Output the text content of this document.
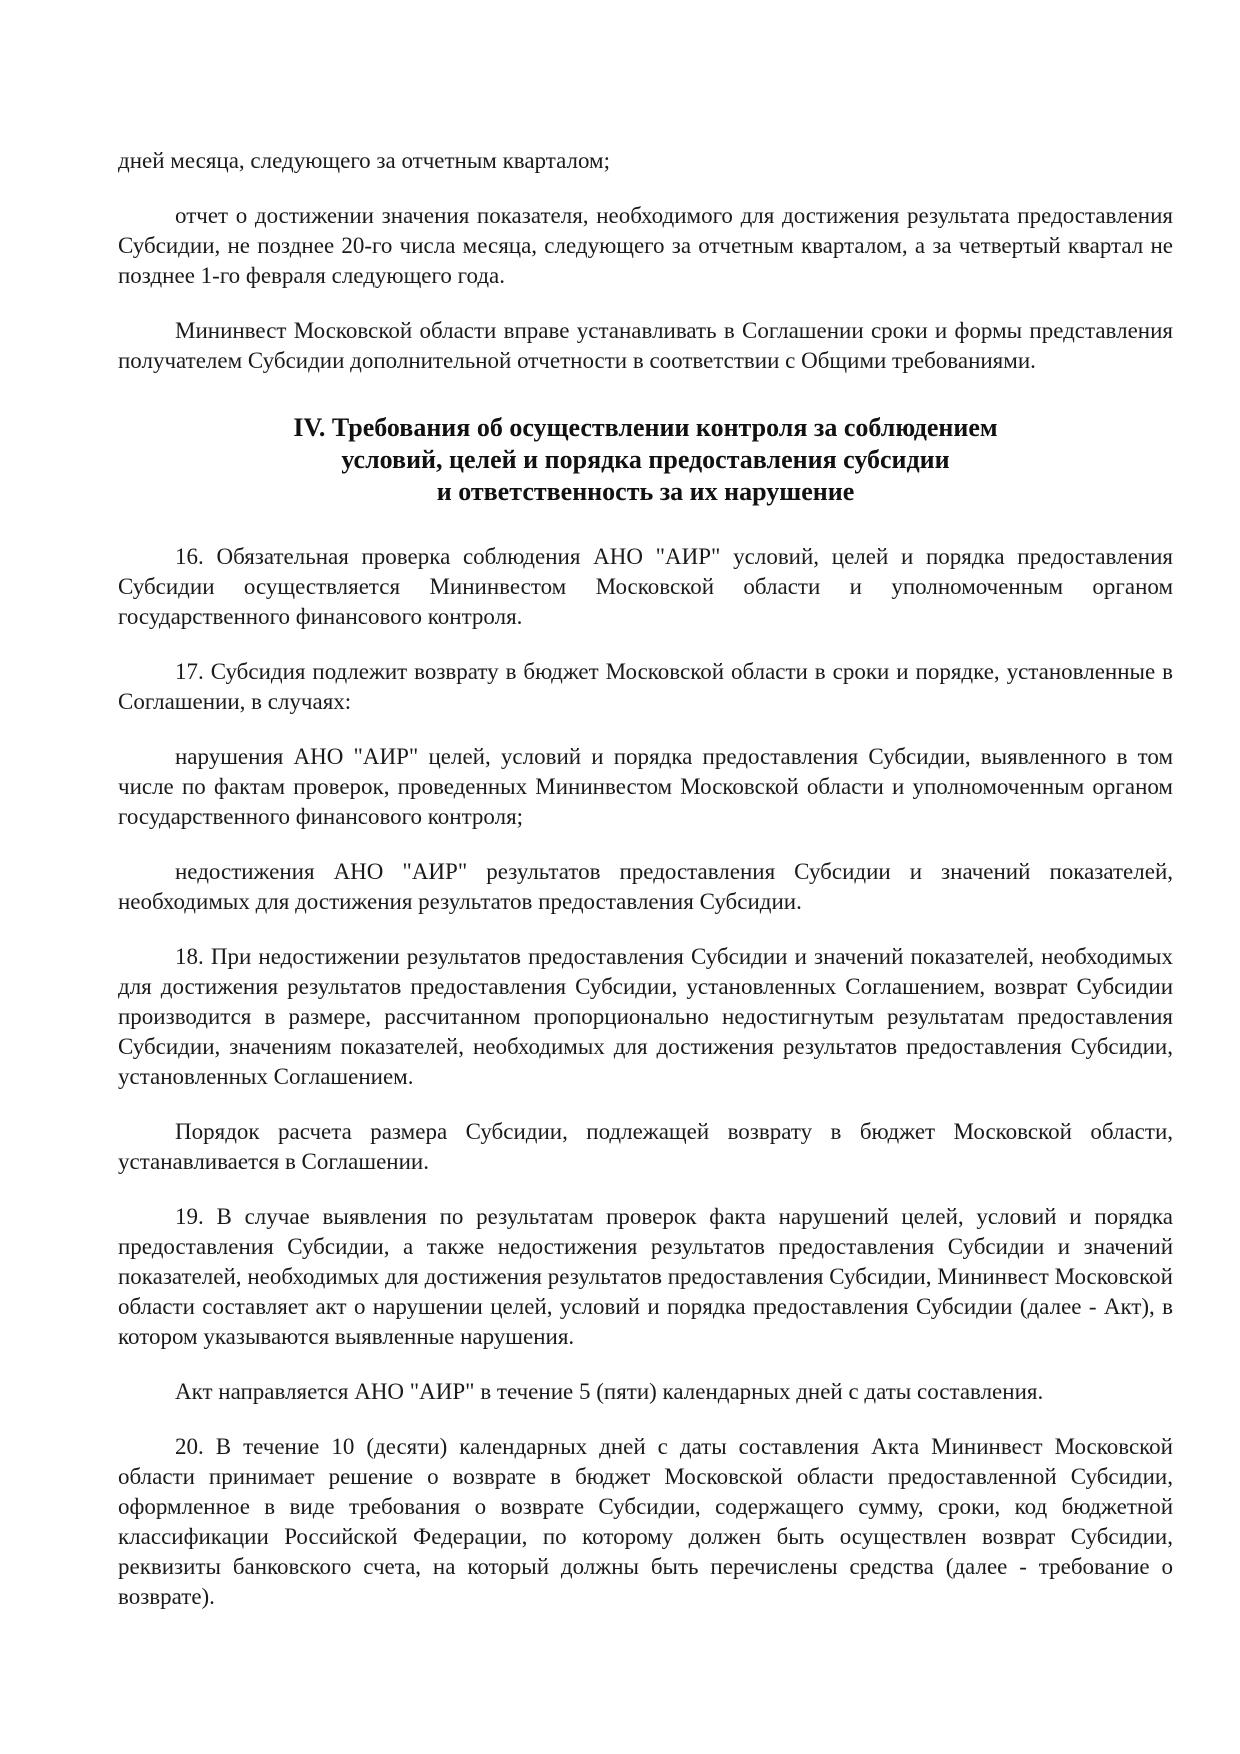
дней месяца, следующего за отчетным кварталом;

отчет о достижении значения показателя, необходимого для достижения результата предоставления Субсидии, не позднее 20-го числа месяца, следующего за отчетным кварталом, а за четвертый квартал не позднее 1-го февраля следующего года.

Мининвест Московской области вправе устанавливать в Соглашении сроки и формы представления получателем Субсидии дополнительной отчетности в соответствии с Общими требованиями.

IV. Требования об осуществлении контроля за соблюдением
условий, целей и порядка предоставления субсидии
и ответственность за их нарушение

16. Обязательная проверка соблюдения АНО "АИР" условий, целей и порядка предоставления Субсидии осуществляется Мининвестом Московской области и уполномоченным органом государственного финансового контроля.

17. Субсидия подлежит возврату в бюджет Московской области в сроки и порядке, установленные в Соглашении, в случаях:

нарушения АНО "АИР" целей, условий и порядка предоставления Субсидии, выявленного в том числе по фактам проверок, проведенных Мининвестом Московской области и уполномоченным органом государственного финансового контроля;

недостижения АНО "АИР" результатов предоставления Субсидии и значений показателей, необходимых для достижения результатов предоставления Субсидии.

18. При недостижении результатов предоставления Субсидии и значений показателей, необходимых для достижения результатов предоставления Субсидии, установленных Соглашением, возврат Субсидии производится в размере, рассчитанном пропорционально недостигнутым результатам предоставления Субсидии, значениям показателей, необходимых для достижения результатов предоставления Субсидии, установленных Соглашением.

Порядок расчета размера Субсидии, подлежащей возврату в бюджет Московской области, устанавливается в Соглашении.

19. В случае выявления по результатам проверок факта нарушений целей, условий и порядка предоставления Субсидии, а также недостижения результатов предоставления Субсидии и значений показателей, необходимых для достижения результатов предоставления Субсидии, Мининвест Московской области составляет акт о нарушении целей, условий и порядка предоставления Субсидии (далее - Акт), в котором указываются выявленные нарушения.

Акт направляется АНО "АИР" в течение 5 (пяти) календарных дней с даты составления.

20. В течение 10 (десяти) календарных дней с даты составления Акта Мининвест Московской области принимает решение о возврате в бюджет Московской области предоставленной Субсидии, оформленное в виде требования о возврате Субсидии, содержащего сумму, сроки, код бюджетной классификации Российской Федерации, по которому должен быть осуществлен возврат Субсидии, реквизиты банковского счета, на который должны быть перечислены средства (далее - требование о возврате).
